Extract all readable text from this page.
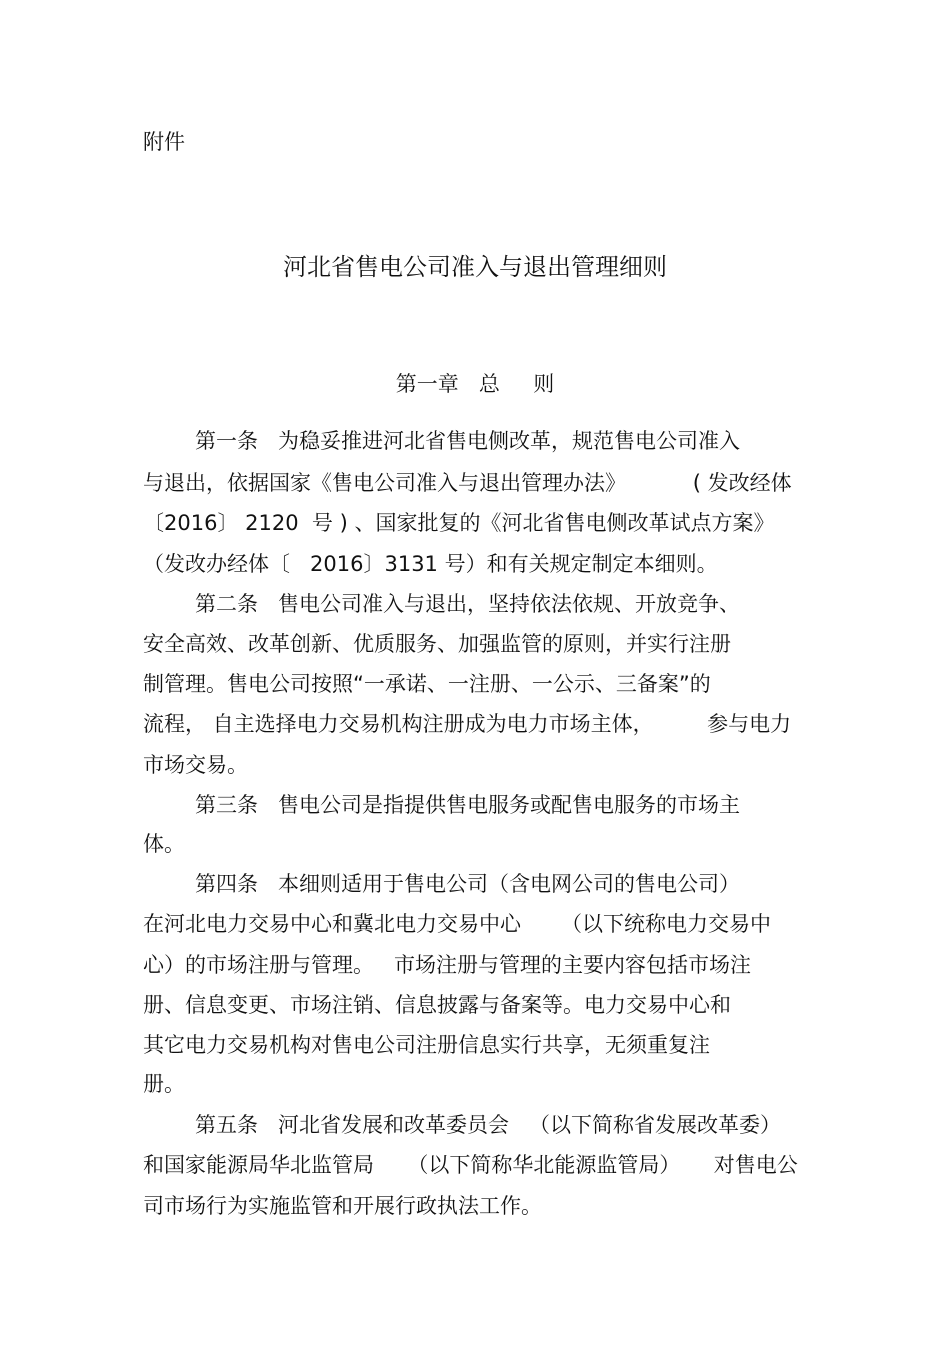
附件
河北省售电公司准入与退出管理细则
第一章   总     则
第一条   为稳妥推进河北省售电侧改革，规范售电公司准入
与退出，依据国家《售电公司准入与退出管理办法》          ( 发改经体
〔2016〕 2120  号 ) 、国家批复的《河北省售电侧改革试点方案》
（发改办经体〔   2016〕3131 号）和有关规定制定本细则。
第二条   售电公司准入与退出，坚持依法依规、开放竞争、
安全高效、改革创新、优质服务、加强监管的原则，并实行注册
制管理。售电公司按照“一承诺、一注册、一公示、三备案”的
流程， 自主选择电力交易机构注册成为电力市场主体，        参与电力
市场交易。
第三条   售电公司是指提供售电服务或配售电服务的市场主
体。
第四条   本细则适用于售电公司（含电网公司的售电公司）
在河北电力交易中心和冀北电力交易中心      （以下统称电力交易中
心）的市场注册与管理。   市场注册与管理的主要内容包括市场注
册、信息变更、市场注销、信息披露与备案等。电力交易中心和
其它电力交易机构对售电公司注册信息实行共享，无须重复注
册。
第五条   河北省发展和改革委员会   （以下简称省发展改革委）
和国家能源局华北监管局     （以下简称华北能源监管局）     对售电公
司市场行为实施监管和开展行政执法工作。
